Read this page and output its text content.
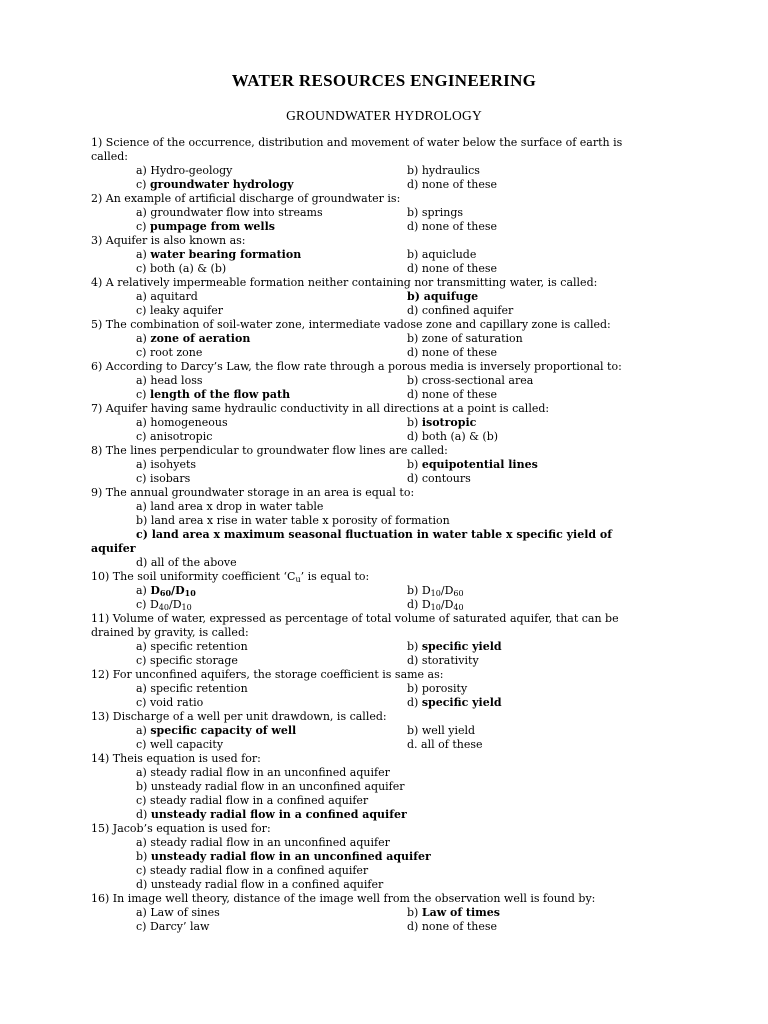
WATER RESOURCES ENGINEERING
GROUNDWATER HYDROLOGY
1) Science of the occurrence, distribution and movement of water below the surface of earth is
called:
a) Hydro-geology	b) hydraulics
c) groundwater hydrology	d) none of these
2) An example of artificial discharge of groundwater is:
a) groundwater flow into streams	b) springs
c) pumpage from wells	d) none of these
3) Aquifer is also known as:
a) water bearing formation	b) aquiclude
c) both (a) & (b)	d) none of these
4) A relatively impermeable formation neither containing nor transmitting water, is called:
a) aquitard	b) aquifuge
c) leaky aquifer	d) confined aquifer
5) The combination of soil-water zone, intermediate vadose zone and capillary zone is called:
a) zone of aeration	b) zone of saturation
c) root zone	d) none of these
6) According to Darcy’s Law, the flow rate through a porous media is inversely proportional to:
a) head loss	b) cross-sectional area
c) length of the flow path	d) none of these
7) Aquifer having same hydraulic conductivity in all directions at a point is called:
a) homogeneous	b) isotropic
c) anisotropic	d) both (a) & (b)
8) The lines perpendicular to groundwater flow lines are called:
a) isohyets	b) equipotential lines
c) isobars	d) contours
9) The annual groundwater storage in an area is equal to:
a) land area x drop in water table
b) land area x rise in water table x porosity of formation
c) land area x maximum seasonal fluctuation in water table x specific yield of
aquifer
d) all of the above
10) The soil uniformity coefficient ‘$C_u$’ is equal to:
a) $D_{60}/D_{10}$	b) $D_{10}/D_{60}$
c) $D_{40}/D_{10}$	d) $D_{10}/D_{40}$
11) Volume of water, expressed as percentage of total volume of saturated aquifer, that can be
drained by gravity, is called:
a) specific retention	b) specific yield
c) specific storage	d) storativity
12) For unconfined aquifers, the storage coefficient is same as:
a) specific retention	b) porosity
c) void ratio	d) specific yield
13) Discharge of a well per unit drawdown, is called:
a) specific capacity of well	b) well yield
c) well capacity	d. all of these
14) Theis equation is used for:
a) steady radial flow in an unconfined aquifer
b) unsteady radial flow in an unconfined aquifer
c) steady radial flow in a confined aquifer
d) unsteady radial flow in a confined aquifer
15) Jacob’s equation is used for:
a) steady radial flow in an unconfined aquifer
b) unsteady radial flow in an unconfined aquifer
c) steady radial flow in a confined aquifer
d) unsteady radial flow in a confined aquifer
16) In image well theory, distance of the image well from the observation well is found by:
a) Law of sines	b) Law of times
c) Darcy’ law	d) none of these
